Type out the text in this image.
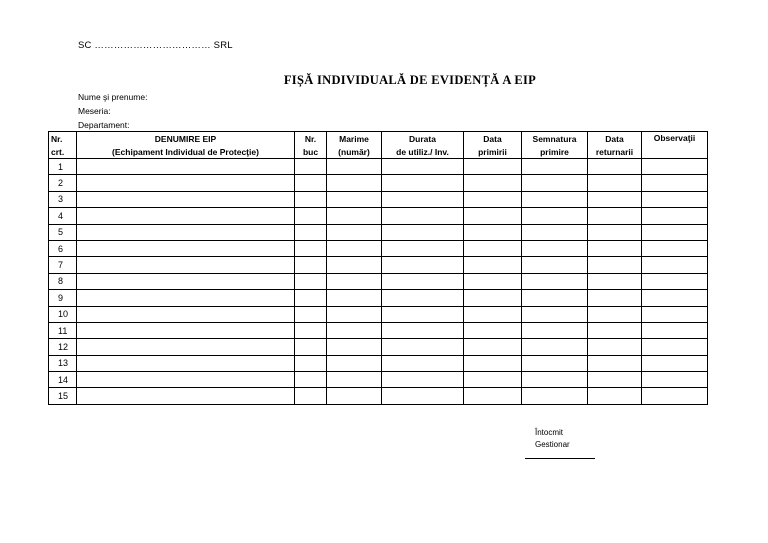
SC ……………………………… SRL
FIȘĂ INDIVIDUALĂ DE EVIDENȚĂ A EIP
Nume şi prenume:
Meseria:
Departament:
Nr.	DENUMIRE EIP	Nr.	Marime	Durata	Data	Semnatura	Data	Observaţii
crt.	(Echipament Individual de Protecţie)	buc	(număr)	de utiliz./ Inv.	primirii	primire	returnarii	
1								
2								
3								
4								
5								
6								
7								
8								
9								
10								
11								
12								
13								
14								
15								
Întocmit
Gestionar
